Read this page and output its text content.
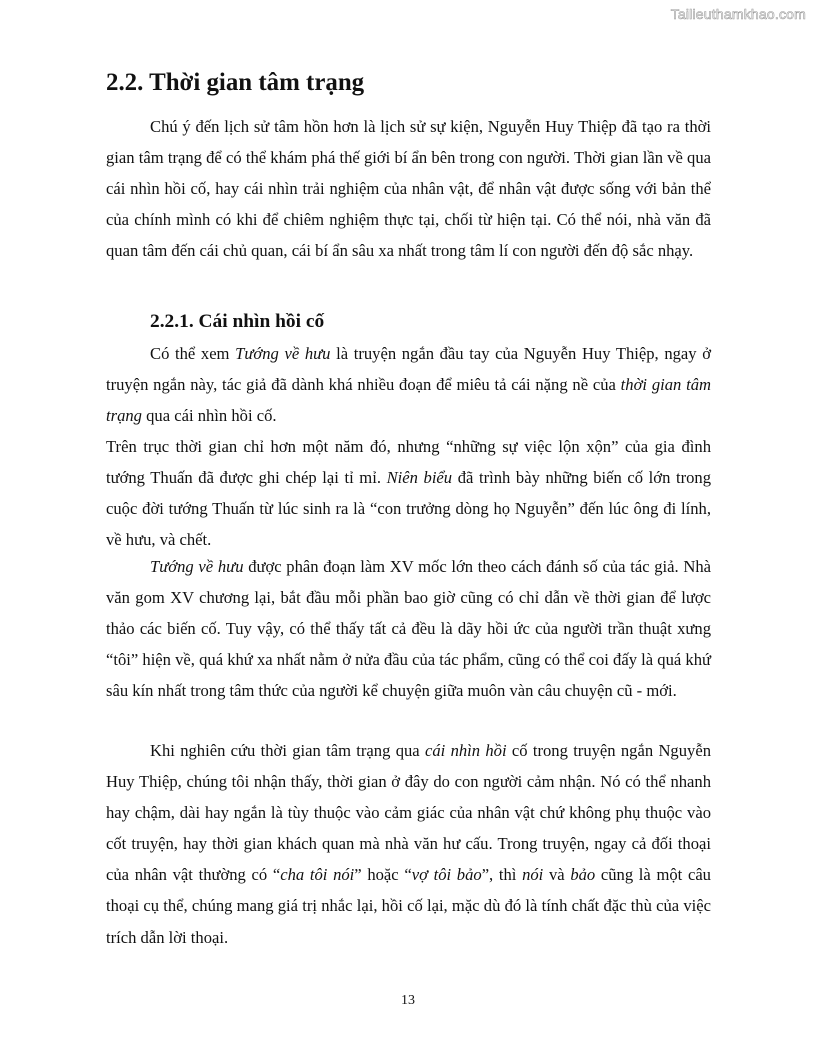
Tailieuthamkhao.com
2.2. Thời gian tâm trạng

Chú ý đến lịch sử tâm hồn hơn là lịch sử sự kiện, Nguyễn Huy Thiệp đã tạo ra thời gian tâm trạng để có thể khám phá thế giới bí ẩn bên trong con người. Thời gian lần về qua cái nhìn hồi cố, hay cái nhìn trải nghiệm của nhân vật, để nhân vật được sống với bản thể của chính mình có khi để chiêm nghiệm thực tại, chối từ hiện tại. Có thể nói, nhà văn đã quan tâm đến cái chủ quan, cái bí ẩn sâu xa nhất trong tâm lí con người đến độ sắc nhạy.

2.2.1. Cái nhìn hồi cố

Có thể xem Tướng về hưu là truyện ngắn đầu tay của Nguyễn Huy Thiệp, ngay ở truyện ngắn này, tác giả đã dành khá nhiều đoạn để miêu tả cái nặng nề của thời gian tâm trạng qua cái nhìn hồi cố.

Trên trục thời gian chỉ hơn một năm đó, nhưng “những sự việc lộn xộn” của gia đình tướng Thuấn đã được ghi chép lại tỉ mỉ. Niên biểu đã trình bày những biến cố lớn trong cuộc đời tướng Thuấn từ lúc sinh ra là “con trưởng dòng họ Nguyễn” đến lúc ông đi lính, về hưu, và chết.

Tướng về hưu được phân đoạn làm XV mốc lớn theo cách đánh số của tác giả. Nhà văn gom XV chương lại, bắt đầu mỗi phần bao giờ cũng có chỉ dẫn về thời gian để lược thảo các biến cố. Tuy vậy, có thể thấy tất cả đều là dãy hồi ức của người trần thuật xưng “tôi” hiện về, quá khứ xa nhất nằm ở nửa đầu của tác phẩm, cũng có thể coi đấy là quá khứ sâu kín nhất trong tâm thức của người kể chuyện giữa muôn vàn câu chuyện cũ - mới.

Khi nghiên cứu thời gian tâm trạng qua cái nhìn hồi cố trong truyện ngắn Nguyễn Huy Thiệp, chúng tôi nhận thấy, thời gian ở đây do con người cảm nhận. Nó có thể nhanh hay chậm, dài hay ngắn là tùy thuộc vào cảm giác của nhân vật chứ không phụ thuộc vào cốt truyện, hay thời gian khách quan mà nhà văn hư cấu. Trong truyện, ngay cả đối thoại của nhân vật thường có “cha tôi nói” hoặc “vợ tôi bảo”, thì nói và bảo cũng là một câu thoại cụ thể, chúng mang giá trị nhắc lại, hồi cố lại, mặc dù đó là tính chất đặc thù của việc trích dẫn lời thoại.

13
